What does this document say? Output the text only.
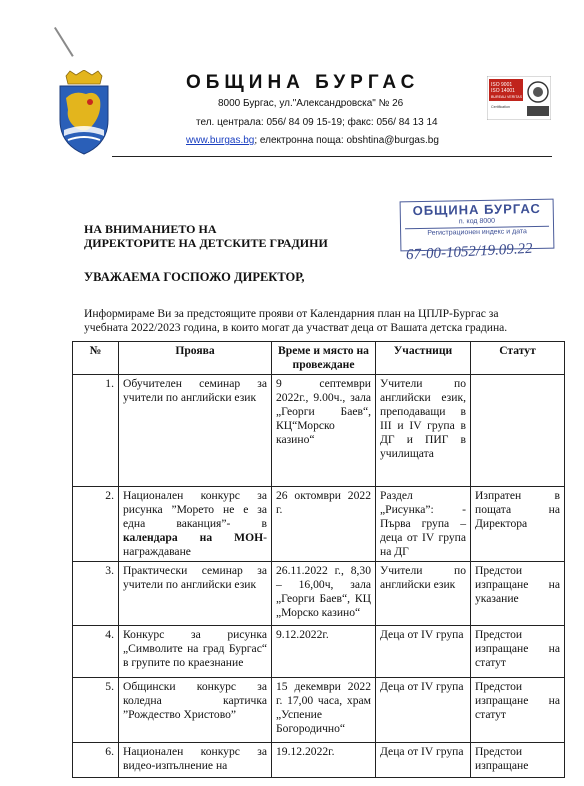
ОБЩИНА БУРГАС
8000 Бургас, ул."Александровска" № 26
тел. централа: 056/ 84 09 15-19; факс: 056/ 84 13 14
www.burgas.bg; електронна поща: obshtina@burgas.bg
ISO 9001
ISO 14001
BUREAU VERITAS
Certification
ОБЩИНА БУРГАС
п. код 8000
Регистрационен индекс и дата
67-00-1052/19.09.22
НА ВНИМАНИЕТО НА
ДИРЕКТОРИТЕ НА ДЕТСКИТЕ ГРАДИНИ
УВАЖАЕМА ГОСПОЖО ДИРЕКТОР,
Информираме Ви за предстоящите прояви от Календарния план на ЦПЛР-Бургас за учебната 2022/2023 година, в които могат да участват деца от Вашата детска градина.
№	Проява	Време и място на провеждане	Участници	Статут
1.	Обучителен семинар за учители по английски език	9 септември 2022г., 9.00ч., зала „Георги Баев“, КЦ“Морско казино“	Учители по английски език, преподаващи в III и IV група в ДГ и ПИГ в училищата	
2.	Национален конкурс за рисунка ”Морето не е за една ваканция”- в календара на МОН-награждаване	26 октомври 2022 г.	Раздел „Рисунка”: - Първа група – деца от IV група на ДГ	Изпратен в пощата на Директора
3.	Практически семинар за учители по английски език	26.11.2022 г., 8,30 – 16,00ч, зала „Георги Баев“, КЦ „Морско казино“	Учители по английски език	Предстои изпращане на указание
4.	Конкурс за рисунка „Символите на град Бургас“ в групите по краезнание	9.12.2022г.	Деца от IV група	Предстои изпращане на статут
5.	Общински конкурс за коледна картичка ”Рождество Христово”	15 декември 2022 г. 17,00 часа, храм „Успение Богородично“	Деца от IV група	Предстои изпращане на статут
6.	Национален конкурс за видео-изпълнение на	19.12.2022г.	Деца от IV група	Предстои изпращане
